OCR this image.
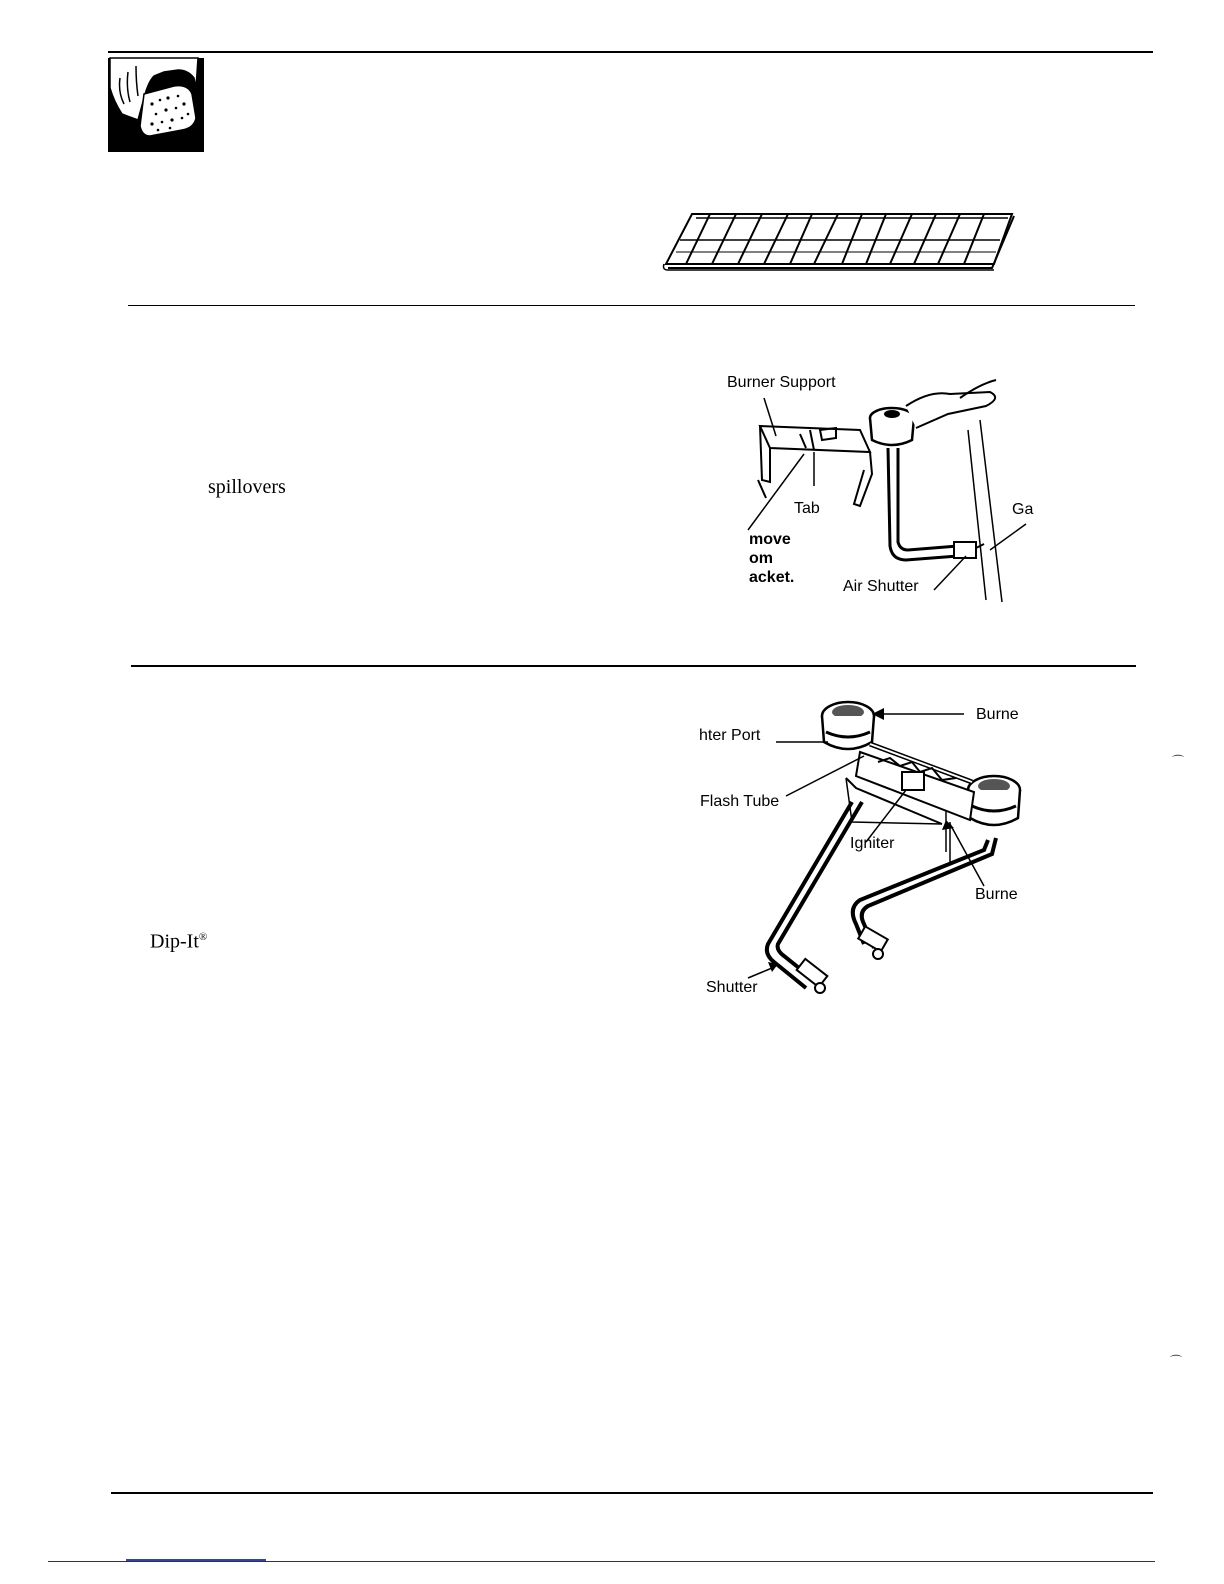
spillovers
Burner Support
Tab	Ga
move
om
acket.
Air Shutter
Burne
hter Port
Flash Tube
Igniter
Burne
Shutter
Dip-It®
⌒
⌒
